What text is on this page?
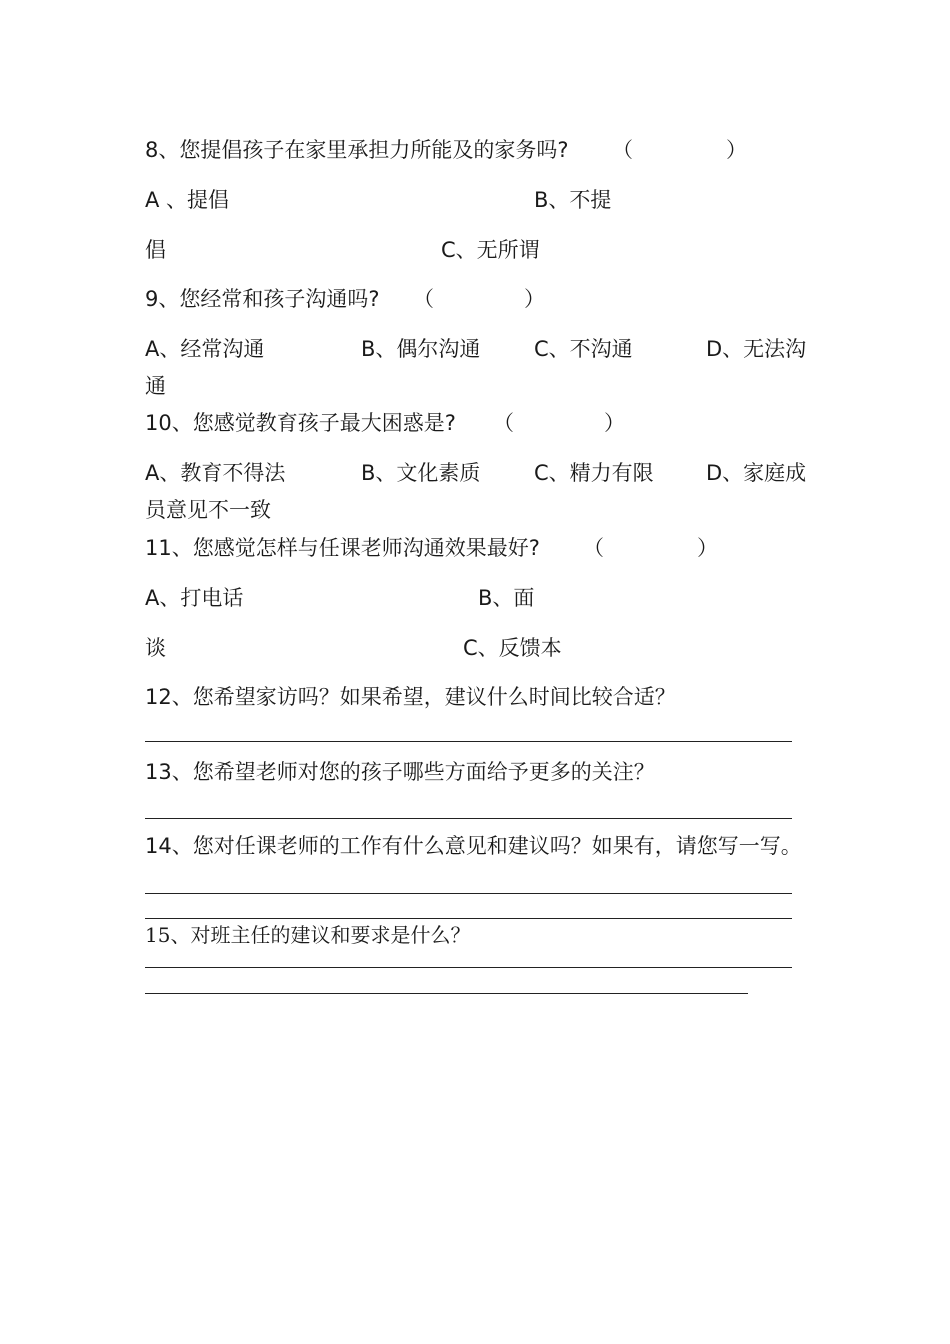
8、您提倡孩子在家里承担力所能及的家务吗? （	）
A 、提倡	B、不提
倡	C、无所谓
9、您经常和孩子沟通吗? （	）
A、经常沟通	B、偶尔沟通	C、不沟通	D、无法沟
通
10、您感觉教育孩子最大困惑是? （	）
A、教育不得法	B、文化素质	C、精力有限 D、家庭成
员意见不一致
11、您感觉怎样与任课老师沟通效果最好? （	）
A、打电话	B、面
谈	C、反馈本
12、您希望家访吗？如果希望，建议什么时间比较合适？
13、您希望老师对您的孩子哪些方面给予更多的关注？
14、您对任课老师的工作有什么意见和建议吗？如果有，请您写一写。
15、对班主任的建议和要求是什么？
